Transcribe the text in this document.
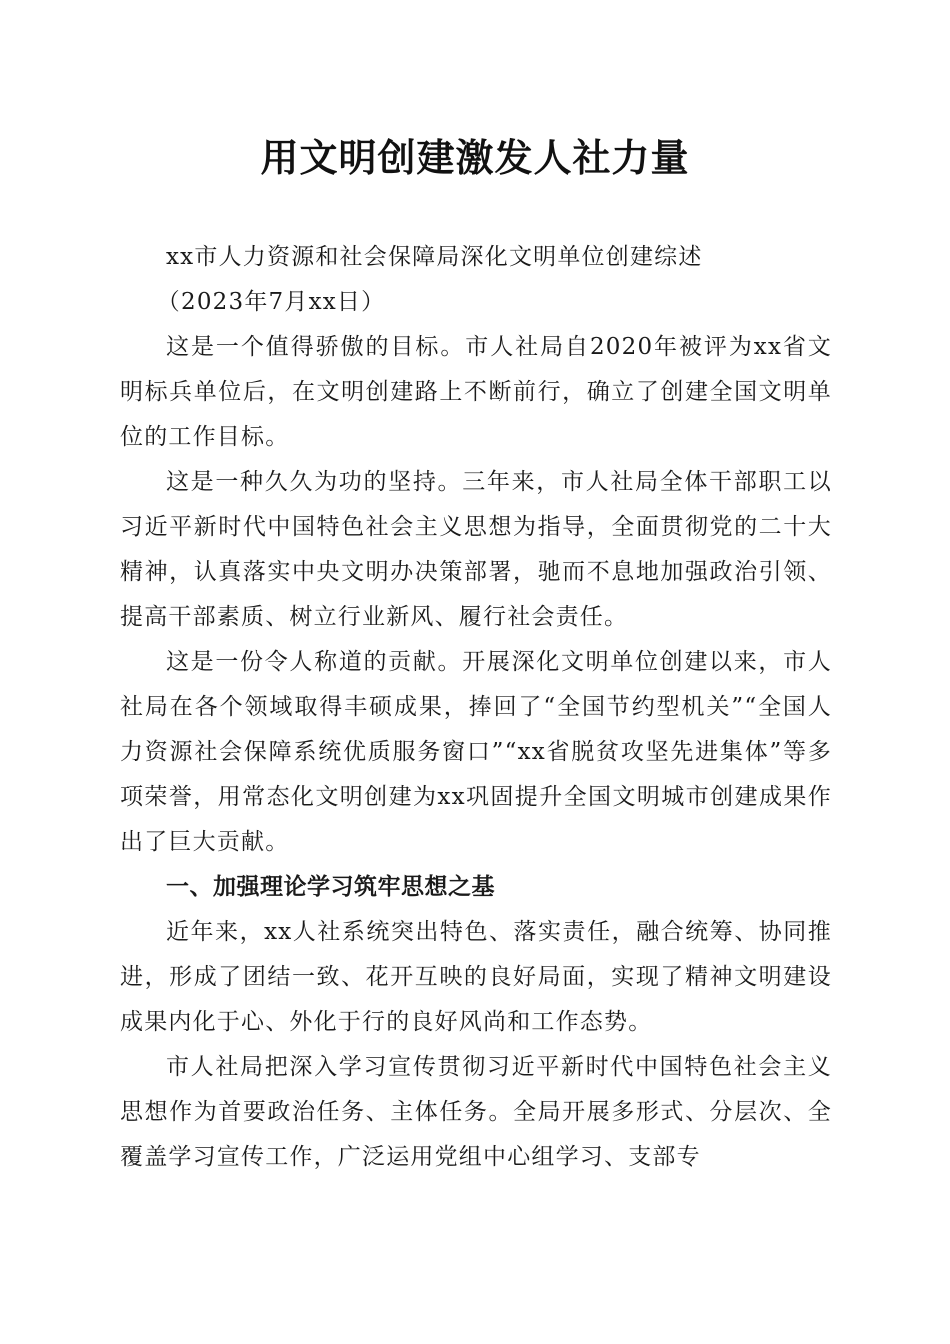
用文明创建激发人社力量

xx市人力资源和社会保障局深化文明单位创建综述

（2023年7月xx日）

这是一个值得骄傲的目标。市人社局自2020年被评为xx省文明标兵单位后，在文明创建路上不断前行，确立了创建全国文明单位的工作目标。

这是一种久久为功的坚持。三年来，市人社局全体干部职工以习近平新时代中国特色社会主义思想为指导，全面贯彻党的二十大精神，认真落实中央文明办决策部署，驰而不息地加强政治引领、提高干部素质、树立行业新风、履行社会责任。

这是一份令人称道的贡献。开展深化文明单位创建以来，市人社局在各个领域取得丰硕成果，捧回了“全国节约型机关”“全国人力资源社会保障系统优质服务窗口”“xx省脱贫攻坚先进集体”等多项荣誉，用常态化文明创建为xx巩固提升全国文明城市创建成果作出了巨大贡献。

一、加强理论学习筑牢思想之基

近年来，xx人社系统突出特色、落实责任，融合统筹、协同推进，形成了团结一致、花开互映的良好局面，实现了精神文明建设成果内化于心、外化于行的良好风尚和工作态势。

市人社局把深入学习宣传贯彻习近平新时代中国特色社会主义思想作为首要政治任务、主体任务。全局开展多形式、分层次、全覆盖学习宣传工作，广泛运用党组中心组学习、支部专
